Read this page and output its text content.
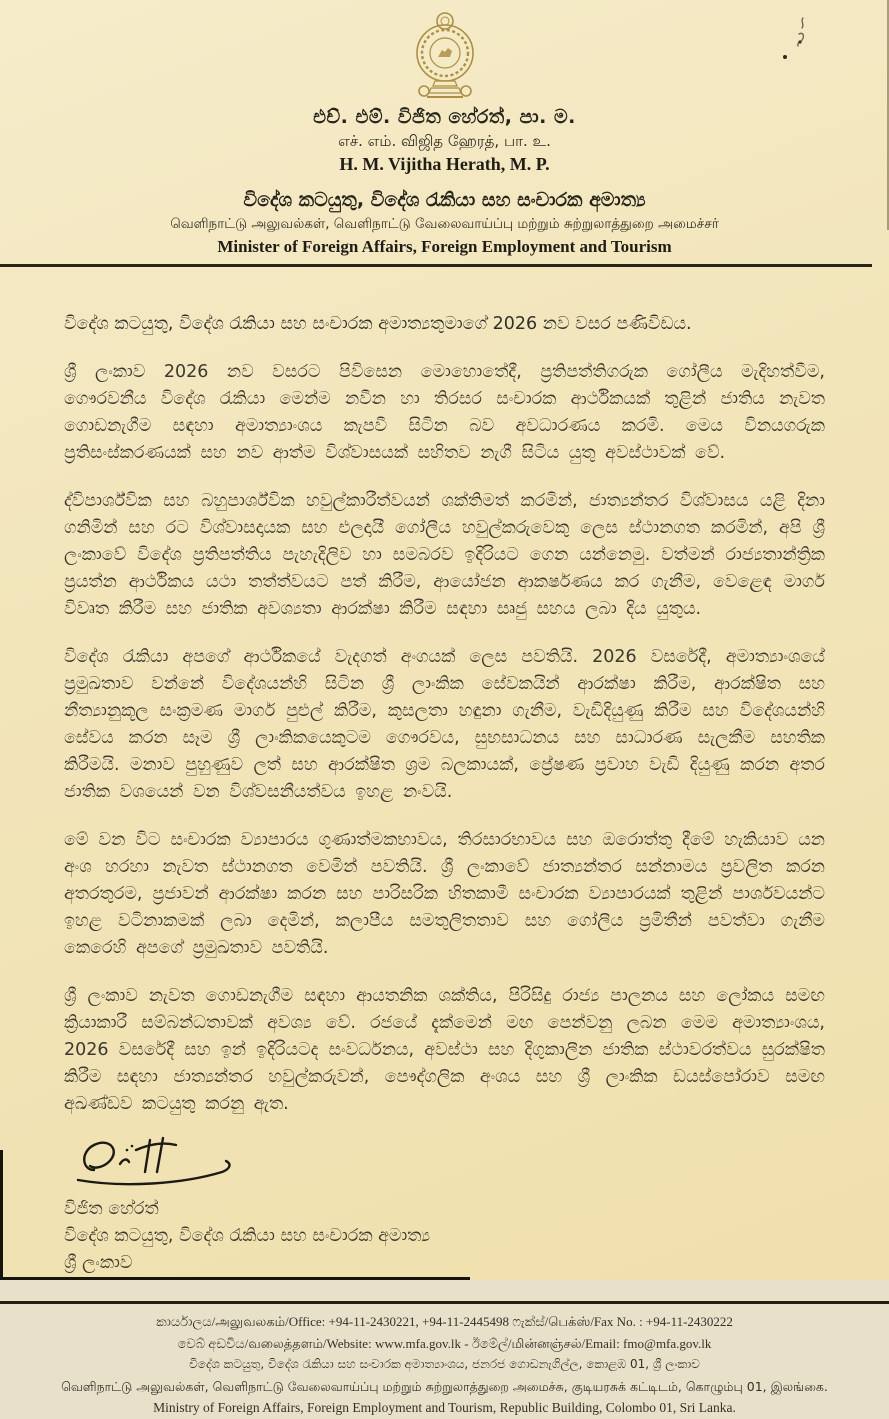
එච්. එම්. විජිත හේරත්, පා. ම.
எச். எம். விஜித ஹேரத், பா. உ.
H. M. Vijitha Herath, M. P.
විදේශ කටයුතු, විදේශ රැකියා සහ සංචාරක අමාත්‍ය
வெளிநாட்டு அலுவல்கள், வெளிநாட்டு வேலைவாய்ப்பு மற்றும் சுற்றுலாத்துறை அமைச்சர்
Minister of Foreign Affairs, Foreign Employment and Tourism
විදේශ කටයුතු, විදේශ රැකියා සහ සංචාරක අමාත්‍යතුමාගේ 2026 නව වසර පණිවිඩය.

ශ්‍රී ලංකාව 2026 නව වසරට පිවිසෙන මොහොතේදී, ප්‍රතිපත්තිගරුක ගෝලීය මැදිහත්වීම, ගෞරවනීය විදේශ රැකියා මෙන්ම නවීන හා තිරසර සංචාරක ආර්ථිකයක් තුළින් ජාතිය නැවත ගොඩනැගීම සඳහා අමාත්‍යාංශය කැපවී සිටින බව අවධාරණය කරමි. මෙය විනයගරුක ප්‍රතිසංස්කරණයක් සහ නව ආත්ම විශ්වාසයක් සහිතව නැගී සිටිය යුතු අවස්ථාවක් වේ.

ද්විපාර්ශ්වික සහ බහුපාර්ශ්වික හවුල්කාරීත්වයන් ශක්තිමත් කරමින්, ජාත්‍යන්තර විශ්වාසය යළි දිනා ගනිමින් සහ රට විශ්වාසදායක සහ එලදායී ගෝලීය හවුල්කරුවෙකු ලෙස ස්ථානගත කරමින්, අපි ශ්‍රී ලංකාවේ විදේශ ප්‍රතිපත්තිය පැහැදිලිව හා සමබරව ඉදිරියට ගෙන යන්නෙමු. වත්මන් රාජ්‍යතාන්ත්‍රික ප්‍රයත්න ආර්ථිකය යථා තත්ත්වයට පත් කිරීම, ආයෝජන ආකර්ෂණය කර ගැනීම, වෙළෙඳ මාර්ග විවෘත කිරීම සහ ජාතික අවශ්‍යතා ආරක්ෂා කිරීම සඳහා සෘජු සහය ලබා දිය යුතුය.

විදේශ රැකියා අපගේ ආර්ථිකයේ වැදගත් අංගයක් ලෙස පවතියි. 2026 වසරේදී, අමාත්‍යාංශයේ ප්‍රමුඛතාව වන්නේ විදේශයන්හි සිටින ශ්‍රී ලාංකික සේවකයින් ආරක්ෂා කිරීම, ආරක්ෂිත සහ නීත්‍යානුකූල සංක්‍රමණ මාර්ග පුළුල් කිරීම, කුසලතා හඳුනා ගැනීම, වැඩිදියුණු කිරීම සහ විදේශයන්හි සේවය කරන සෑම ශ්‍රී ලාංකිකයෙකුටම ගෞරවය, සුභසාධනය සහ සාධාරණ සැලකීම සහතික කිරීමයි. මනාව පුහුණුව ලත් සහ ආරක්ෂිත ශ්‍රම බලකායක්, ප්‍රේෂණ ප්‍රවාහ වැඩි දියුණු කරන අතර ජාතික වශයෙන් වන විශ්වසනීයත්වය ඉහළ නංවයි.

මේ වන විට සංචාරක ව්‍යාපාරය ගුණාත්මකභාවය, තිරසාරභාවය සහ ඔරොත්තු දීමේ හැකියාව යන අංශ හරහා නැවත ස්ථානගත වෙමින් පවතියි. ශ්‍රී ලංකාවේ ජාත්‍යන්තර සන්නාමය ප්‍රවලිත කරන අතරතුරම, ප්‍රජාවන් ආරක්ෂා කරන සහ පාරිසරික හිතකාමී සංචාරක ව්‍යාපාරයක් තුළින් පාර්ශවයන්ට ඉහළ වටිනාකමක් ලබා දෙමින්, කලාපීය සමතුලිතතාව සහ ගෝලීය ප්‍රමිතීන් පවත්වා ගැනීම කෙරෙහි අපගේ ප්‍රමුඛතාව පවතියි.

ශ්‍රී ලංකාව නැවත ගොඩනැගීම සඳහා ආයතනික ශක්තිය, පිරිසිදු රාජ්‍ය පාලනය සහ ලෝකය සමඟ ක්‍රියාකාරී සම්බන්ධතාවක් අවශ්‍ය වේ. රජයේ දැක්මෙන් මඟ පෙන්වනු ලබන මෙම අමාත්‍යාංශය, 2026 වසරේදී සහ ඉන් ඉදිරියටද සංවර්ධනය, අවස්ථා සහ දිගුකාලීන ජාතික ස්ථාවරත්වය සුරක්ෂිත කිරීම සඳහා ජාත්‍යන්තර හවුල්කරුවන්, පෞද්ගලික අංශය සහ ශ්‍රී ලාංකික ඩයස්පෝරාව සමඟ අඛණ්ඩව කටයුතු කරනු ඇත.

විජිත හේරත්
විදේශ කටයුතු, විදේශ රැකියා සහ සංචාරක අමාත්‍ය
ශ්‍රී ලංකාව
කාර්යාලය/அலுவலகம்/Office: +94-11-2430221, +94-11-2445498 ෆැක්ස්/பெக்ஸ்/Fax No. : +94-11-2430222
වෙබ් අඩවිය/வலைத்தளம்/Website: www.mfa.gov.lk - ඊමේල්/மின்னஞ்சல்/Email: fmo@mfa.gov.lk
විදේශ කටයුතු, විදේශ රැකියා සහ සංචාරක අමාත්‍යාංශය, ජනරජ ගොඩනැගිල්ල, කොළඹ 01, ශ්‍රී ලංකාව
வெளிநாட்டு அலுவல்கள், வெளிநாட்டு வேலைவாய்ப்பு மற்றும் சுற்றுலாத்துறை அமைச்சு, குடியரசுக் கட்டிடம், கொழும்பு 01, இலங்கை.
Ministry of Foreign Affairs, Foreign Employment and Tourism, Republic Building, Colombo 01, Sri Lanka.
